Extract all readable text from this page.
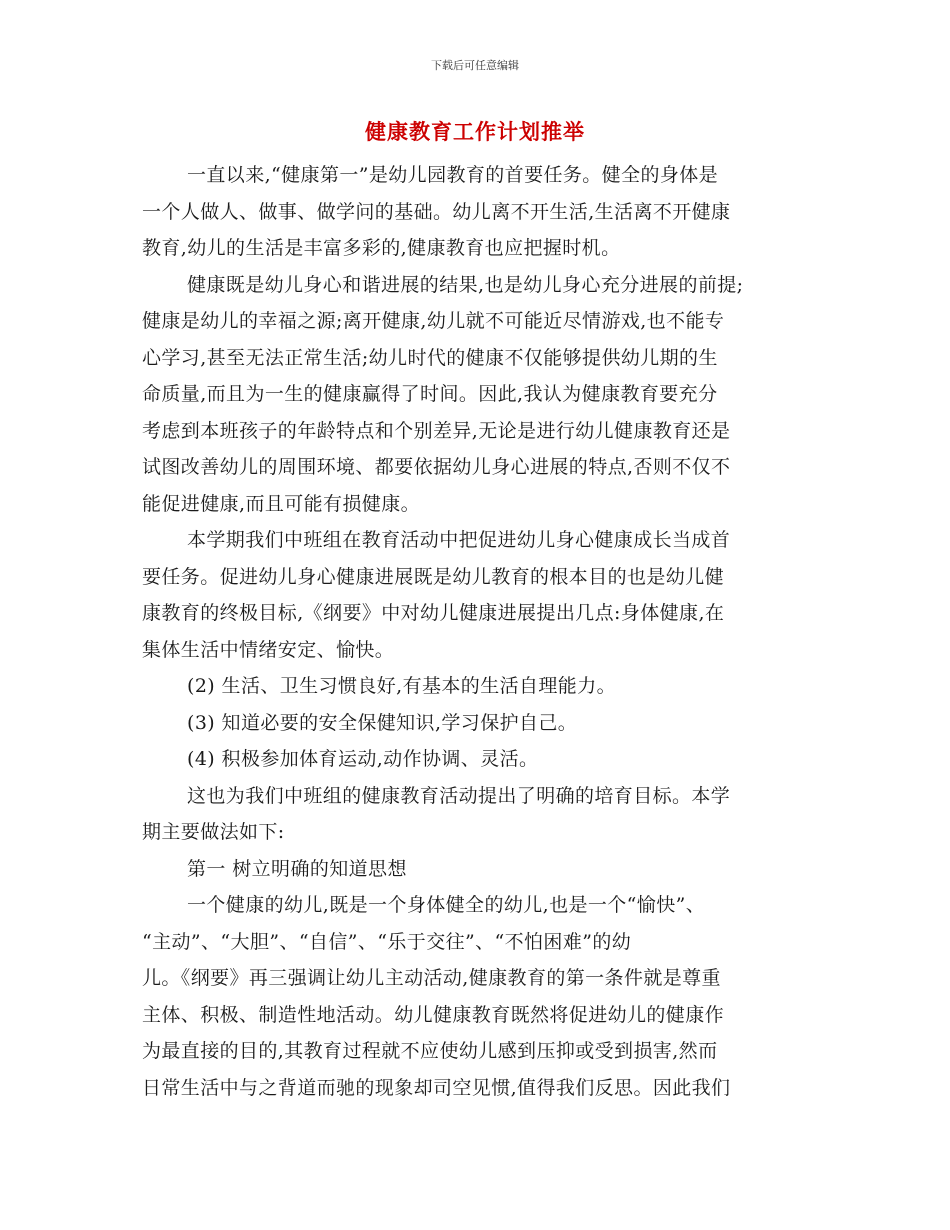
下载后可任意编辑
健康教育工作计划推举
一直以来,“健康第一”是幼儿园教育的首要任务。健全的身体是
一个人做人、做事、做学问的基础。幼儿离不开生活,生活离不开健康
教育,幼儿的生活是丰富多彩的,健康教育也应把握时机。
健康既是幼儿身心和谐进展的结果,也是幼儿身心充分进展的前提;
健康是幼儿的幸福之源;离开健康,幼儿就不可能近尽情游戏,也不能专
心学习,甚至无法正常生活;幼儿时代的健康不仅能够提供幼儿期的生
命质量,而且为一生的健康赢得了时间。因此,我认为健康教育要充分
考虑到本班孩子的年龄特点和个别差异,无论是进行幼儿健康教育还是
试图改善幼儿的周围环境、都要依据幼儿身心进展的特点,否则不仅不
能促进健康,而且可能有损健康。
本学期我们中班组在教育活动中把促进幼儿身心健康成长当成首
要任务。促进幼儿身心健康进展既是幼儿教育的根本目的也是幼儿健
康教育的终极目标,《纲要》中对幼儿健康进展提出几点:身体健康,在
集体生活中情绪安定、愉快。
(2) 生活、卫生习惯良好,有基本的生活自理能力。
(3) 知道必要的安全保健知识,学习保护自己。
(4) 积极参加体育运动,动作协调、灵活。
这也为我们中班组的健康教育活动提出了明确的培育目标。本学
期主要做法如下:
第一 树立明确的知道思想
一个健康的幼儿,既是一个身体健全的幼儿,也是一个“愉快”、
“主动”、“大胆”、“自信”、“乐于交往”、“不怕困难”的幼
儿。《纲要》再三强调让幼儿主动活动,健康教育的第一条件就是尊重
主体、积极、制造性地活动。幼儿健康教育既然将促进幼儿的健康作
为最直接的目的,其教育过程就不应使幼儿感到压抑或受到损害,然而
日常生活中与之背道而驰的现象却司空见惯,值得我们反思。因此我们
